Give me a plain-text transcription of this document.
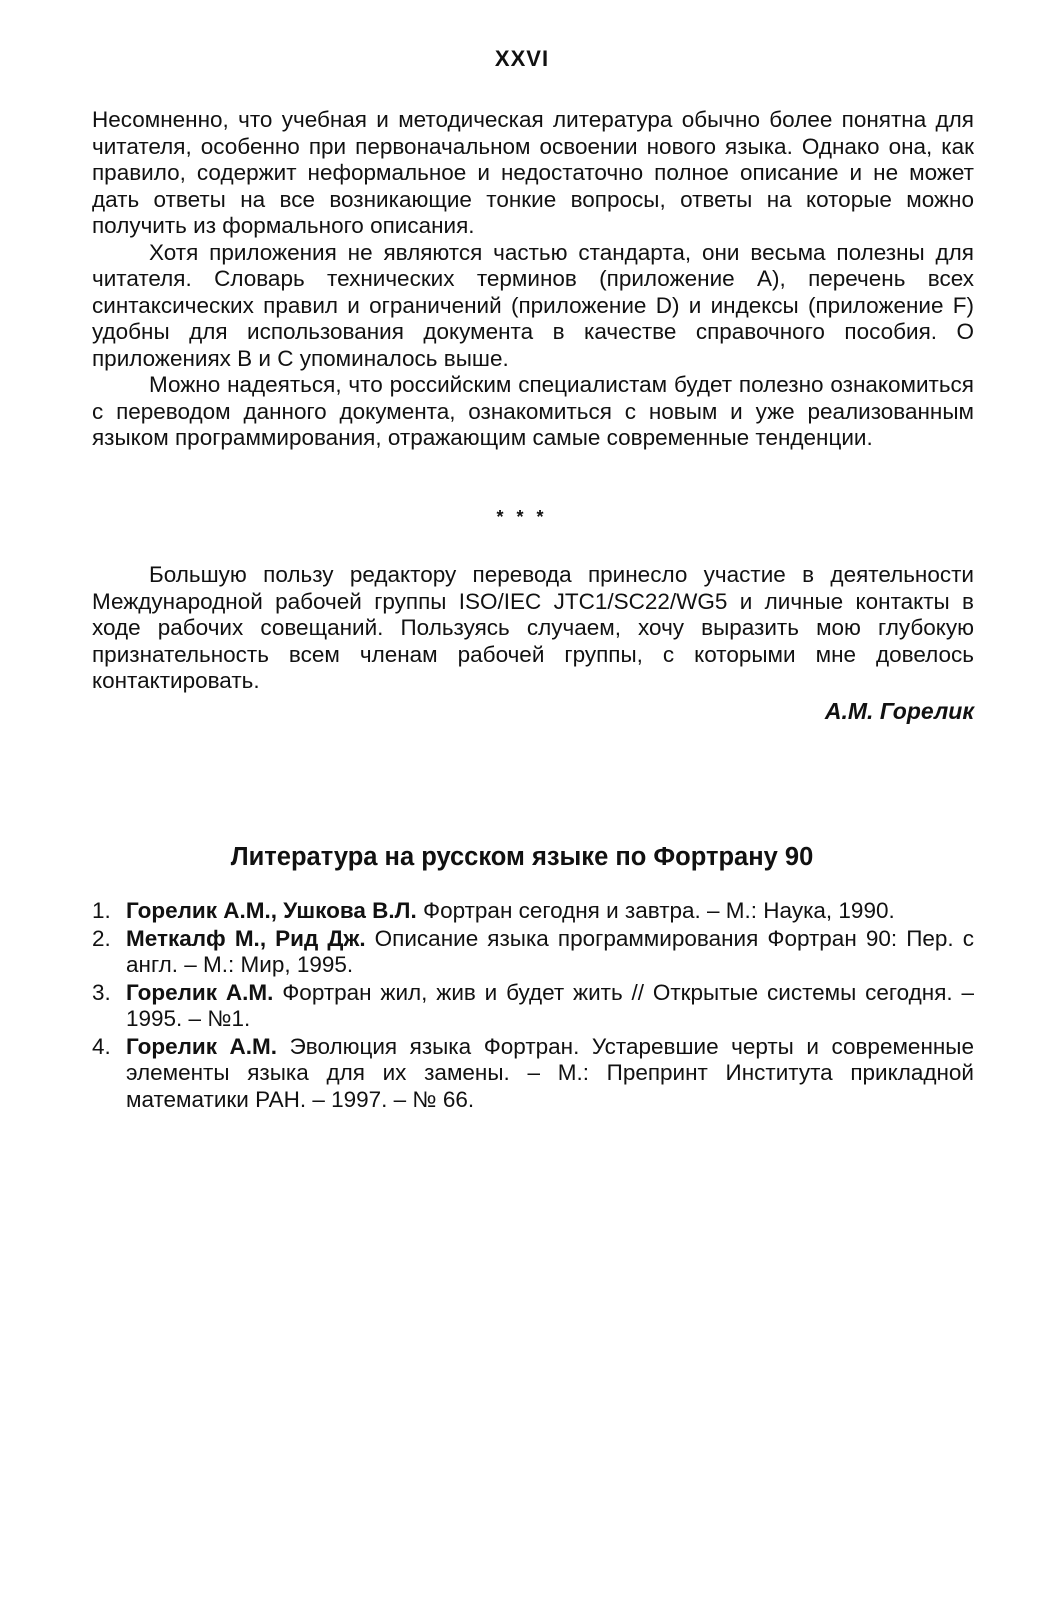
XXVI

Несомненно, что учебная и методическая литература обычно более понятна для читателя, особенно при первоначальном освоении нового языка. Однако она, как правило, содержит неформальное и недостаточно полное описание и не может дать ответы на все возникающие тонкие вопросы, ответы на которые можно получить из формального описания.

Хотя приложения не являются частью стандарта, они весьма полезны для читателя. Словарь технических терминов (приложение A), перечень всех синтаксических правил и ограничений (приложение D) и индексы (приложение F) удобны для использования документа в качестве справочного пособия. О приложениях B и C упоминалось выше.

Можно надеяться, что российским специалистам будет полезно ознакомиться с переводом данного документа, ознакомиться с новым и уже реализованным языком программирования, отражающим самые современные тенденции.

* * *

Большую пользу редактору перевода принесло участие в деятельности Международной рабочей группы ISO/IEC JTC1/SC22/WG5 и личные контакты в ходе рабочих совещаний. Пользуясь случаем, хочу выразить мою глубокую признательность всем членам рабочей группы, с которыми мне довелось контактировать.

А.М. Горелик
Литература на русском языке по Фортрану 90
1. Горелик А.М., Ушкова В.Л. Фортран сегодня и завтра. – М.: Наука, 1990.
2. Меткалф М., Рид Дж. Описание языка программирования Фортран 90: Пер. с англ. – М.: Мир, 1995.
3. Горелик А.М. Фортран жил, жив и будет жить // Открытые системы сегодня. – 1995. – №1.
4. Горелик А.М. Эволюция языка Фортран. Устаревшие черты и современные элементы языка для их замены. – М.: Препринт Института прикладной математики РАН. – 1997. – № 66.
